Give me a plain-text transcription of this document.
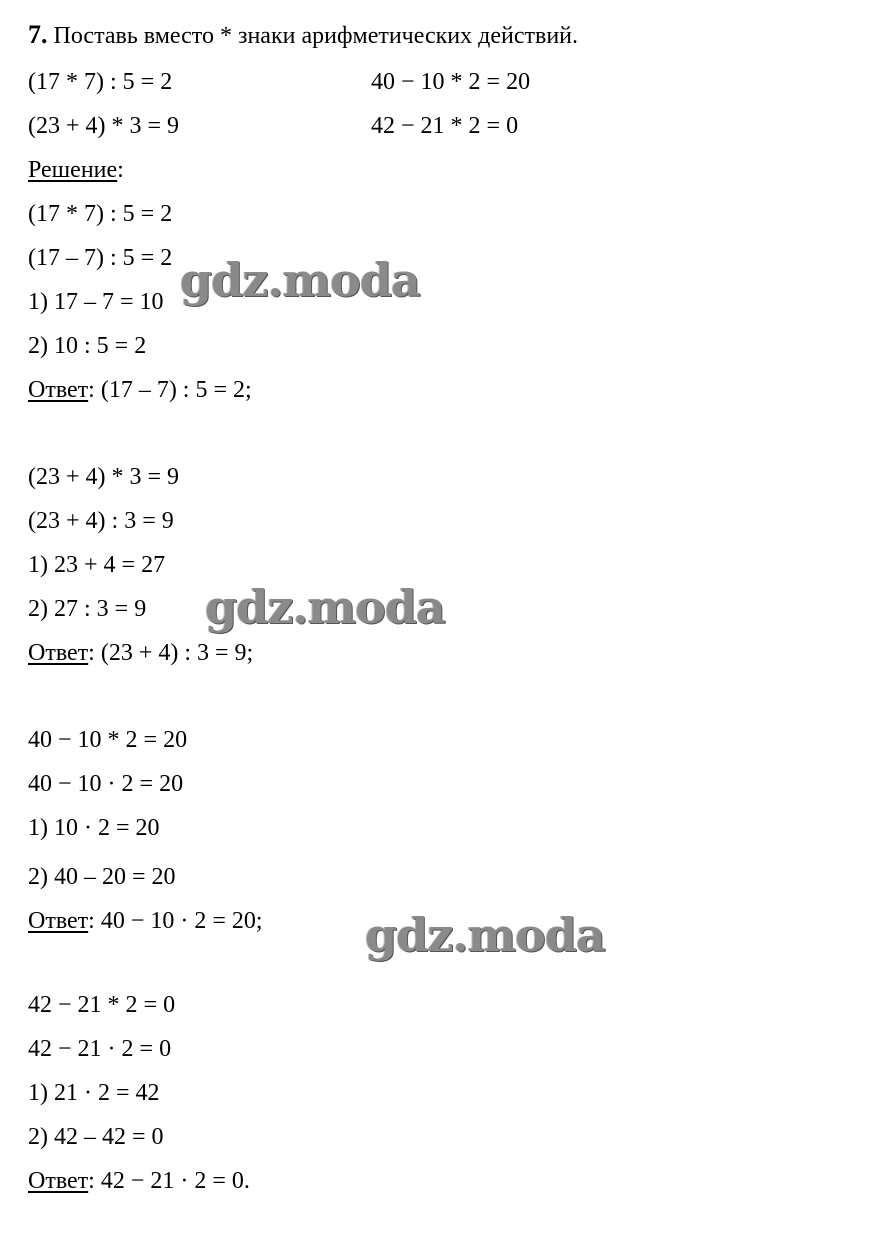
7. Поставь вместо * знаки арифметических действий.
(17 * 7) : 5 = 2	40 − 10 * 2 = 20
(23 + 4) * 3 = 9	42 − 21 * 2 = 0
Решение:
(17 * 7) : 5 = 2
(17 – 7) : 5 = 2
1) 17 – 7 = 10
2) 10 : 5 = 2
Ответ: (17 – 7) : 5 = 2;
(23 + 4) * 3 = 9
(23 + 4) : 3 = 9
1) 23 + 4 = 27
2) 27 : 3 = 9
Ответ: (23 + 4) : 3 = 9;
40 − 10 * 2 = 20
40 − 10 · 2 = 20
1) 10 · 2 = 20
2) 40 – 20 = 20
Ответ: 40 − 10 · 2 = 20;
42 − 21 * 2 = 0
42 − 21 · 2 = 0
1) 21 · 2 = 42
2) 42 – 42 = 0
Ответ: 42 − 21 · 2 = 0.
gdz.moda
gdz.moda
gdz.moda
